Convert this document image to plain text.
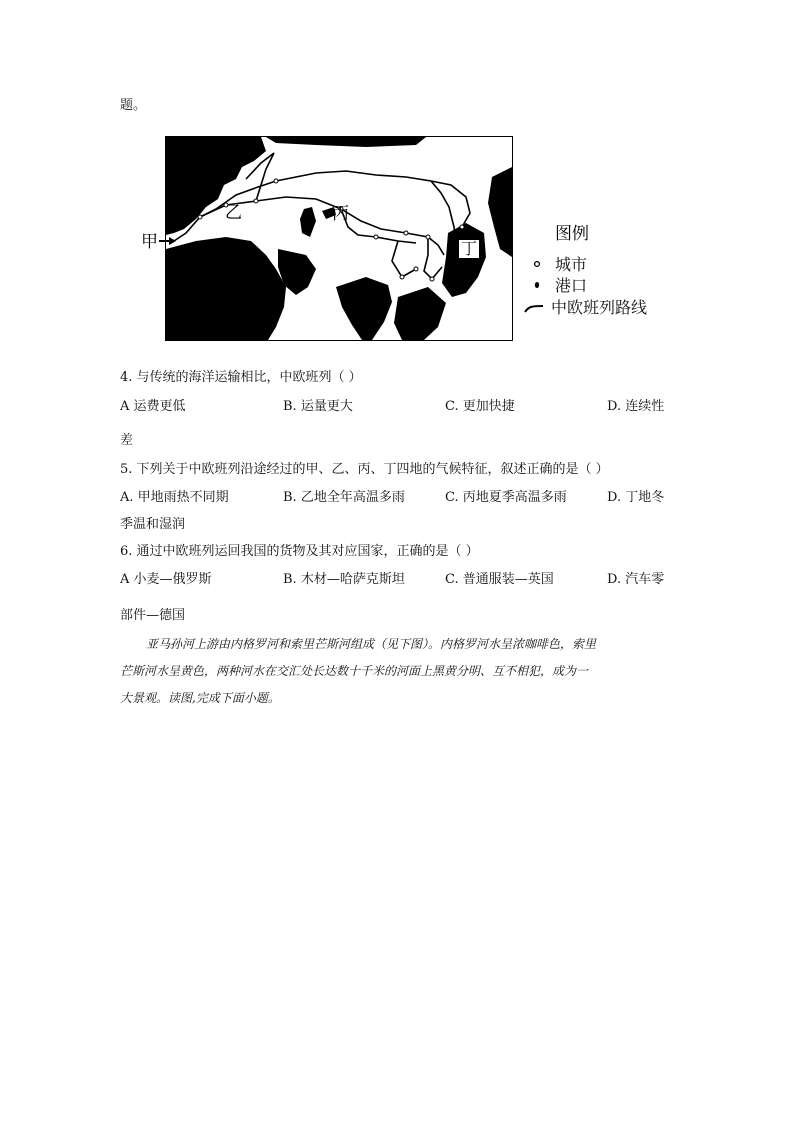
题。
乙	丙
丁
甲	图例
城市
港口
中欧班列路线
4. 与传统的海洋运输相比，中欧班列（ ）
A 运费更低	B. 运量更大	C. 更加快捷	D. 连续性
差
5. 下列关于中欧班列沿途经过的甲、乙、丙、丁四地的气候特征，叙述正确的是（ ）
A. 甲地雨热不同期	B. 乙地全年高温多雨	C. 丙地夏季高温多雨	D. 丁地冬
季温和湿润
6. 通过中欧班列运回我国的货物及其对应国家，正确的是（ ）
A 小麦—俄罗斯	B. 木材—哈萨克斯坦	C. 普通服装—英国	D. 汽车零
部件—德国
亚马孙河上游由内格罗河和索里芒斯河组成（见下图）。内格罗河水呈浓咖啡色，索里
芒斯河水呈黄色，两种河水在交汇处长达数十千米的河面上黑黄分明、互不相犯，成为一
大景观。读图,完成下面小题。
